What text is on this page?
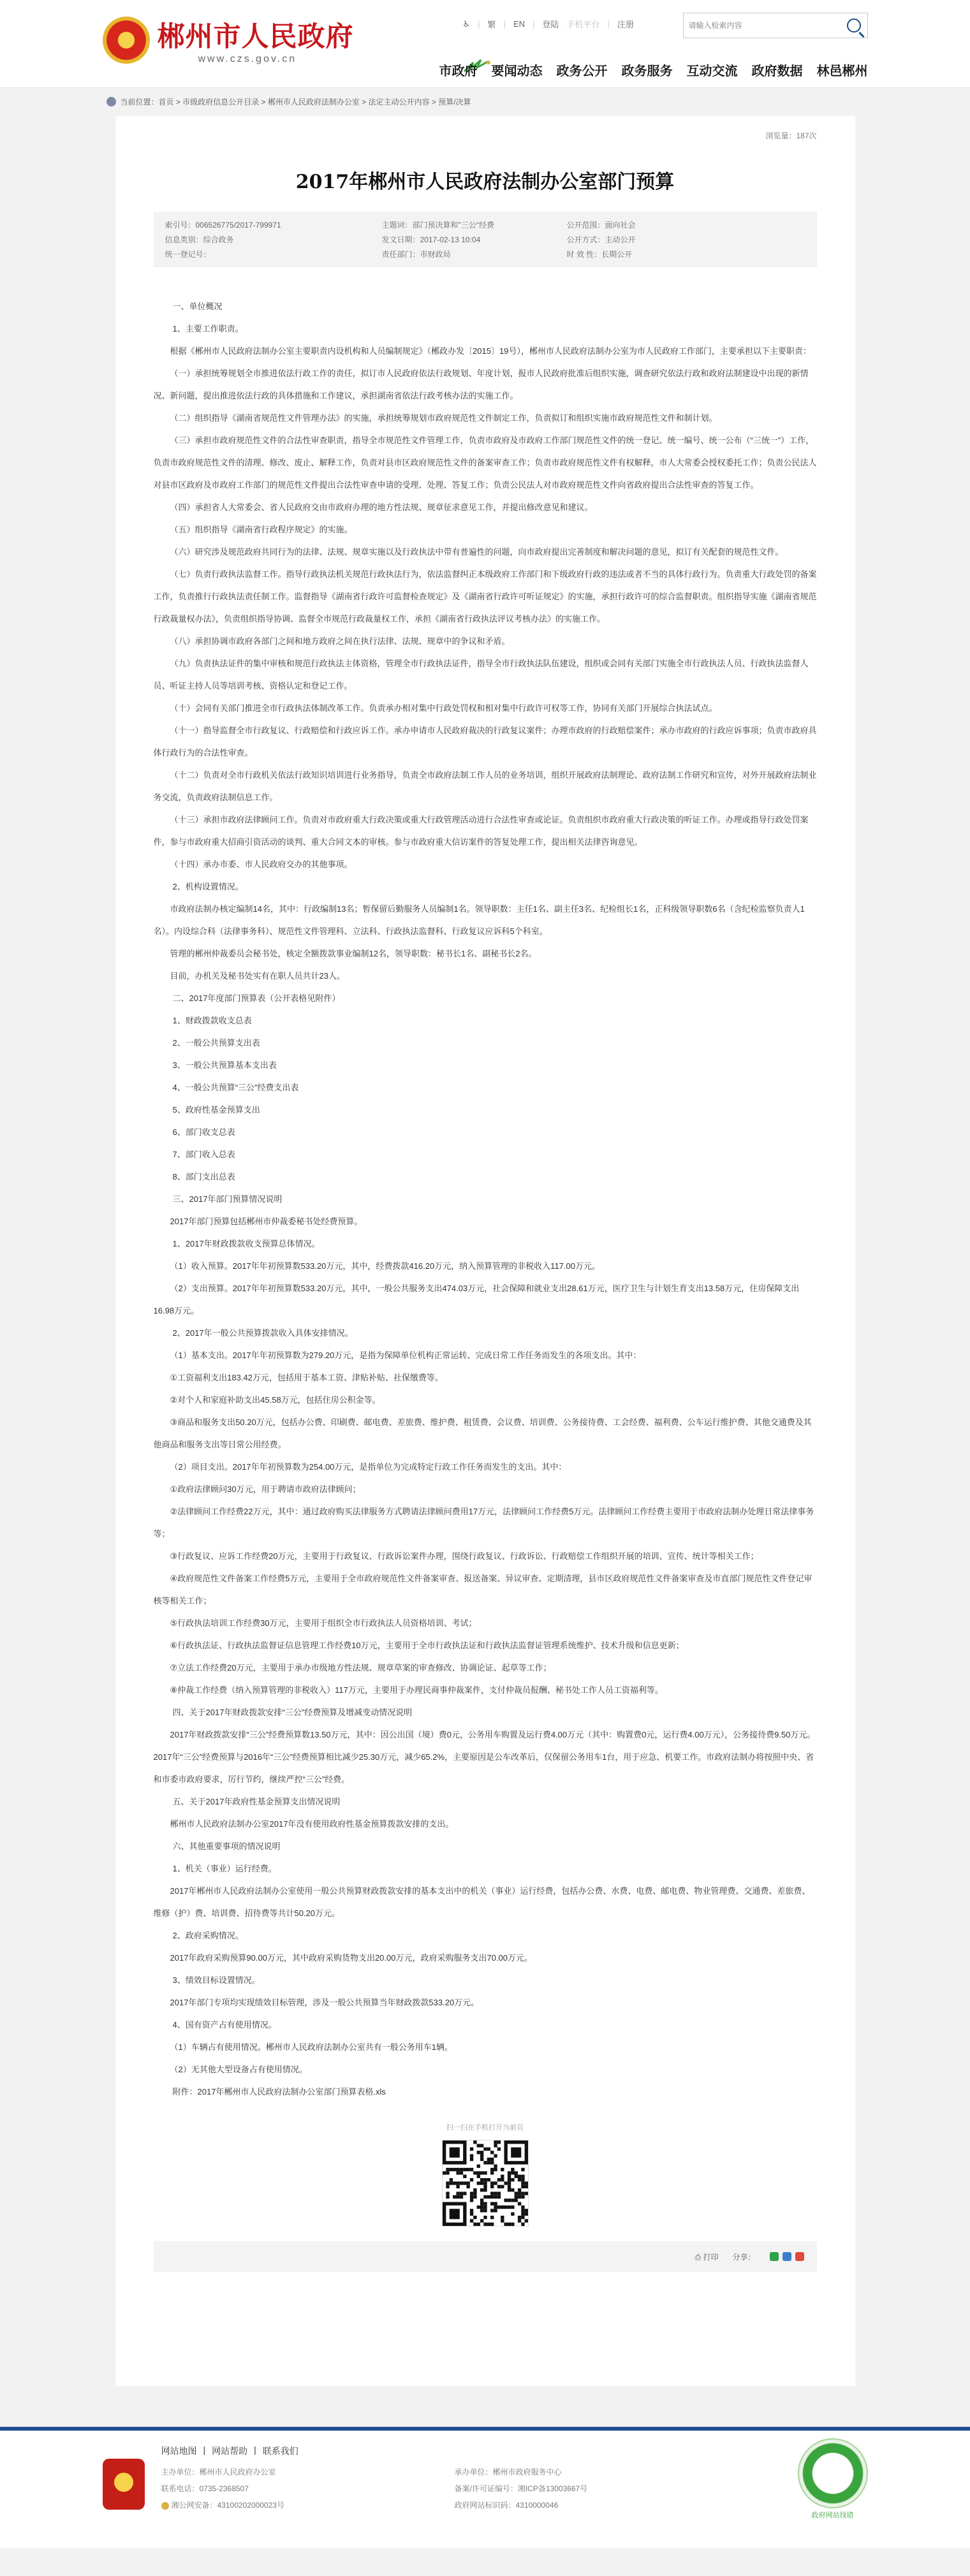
郴州市人民政府
www.czs.gov.cn
♿ | 繁 | EN | 登陆 手机平台 | 注册
请输入检索内容
市政府 要闻动态 政务公开 政务服务 互动交流 政府数据 林邑郴州
当前位置：首页 > 市级政府信息公开目录 > 郴州市人民政府法制办公室 > 法定主动公开内容 > 预算/决算
浏览量：187次
2017年郴州市人民政府法制办公室部门预算
索引号：006526775/2017-799971	主题词：部门预决算和"三公"经费	公开范围：面向社会
信息类别：综合政务	发文日期：2017-02-13 10:04	公开方式：主动公开
统一登记号：	责任部门：市财政局	时 效 性：长期公开

一、单位概况

1、主要工作职责。

根据《郴州市人民政府法制办公室主要职责内设机构和人员编制规定》（郴政办发〔2015〕19号），郴州市人民政府法制办公室为市人民政府工作部门，主要承担以下主要职责：

（一）承担统筹规划全市推进依法行政工作的责任，拟订市人民政府依法行政规划、年度计划，报市人民政府批准后组织实施，调查研究依法行政和政府法制建设中出现的新情况、新问题，提出推进依法行政的具体措施和工作建议，承担湖南省依法行政考核办法的实施工作。

（二）组织指导《湖南省规范性文件管理办法》的实施，承担统筹规划市政府规范性文件制定工作，负责拟订和组织实施市政府规范性文件和制计划。

（三）承担市政府规范性文件的合法性审查职责，指导全市规范性文件管理工作，负责市政府及市政府工作部门规范性文件的统一登记、统一编号、统一公布（“三统一”）工作，负责市政府规范性文件的清理、修改、废止、解释工作，负责对县市区政府规范性文件的备案审查工作；负责市政府规范性文件有权解释，市人大常委会授权委托工作；负责公民法人对县市区政府及市政府工作部门的规范性文件提出合法性审查申请的受理、处理、答复工作；负责公民法人对市政府规范性文件向省政府提出合法性审查的答复工作。

（四）承担省人大常委会、省人民政府交由市政府办理的地方性法规、规章征求意见工作，并提出修改意见和建议。

（五）组织指导《湖南省行政程序规定》的实施。

（六）研究涉及规范政府共同行为的法律、法规、规章实施以及行政执法中带有普遍性的问题，向市政府提出完善制度和解决问题的意见，拟订有关配套的规范性文件。

（七）负责行政执法监督工作。指导行政执法机关规范行政执法行为，依法监督纠正本级政府工作部门和下级政府行政的违法或者不当的具体行政行为。负责重大行政处罚的备案工作，负责推行行政执法责任制工作。监督指导《湖南省行政许可监督检查规定》及《湖南省行政许可听证规定》的实施，承担行政许可的综合监督职责。组织指导实施《湖南省规范行政裁量权办法》，负责组织指导协调、监督全市规范行政裁量权工作，承担《湖南省行政执法评议考核办法》的实施工作。

（八）承担协调市政府各部门之间和地方政府之间在执行法律、法规、规章中的争议和矛盾。

（九）负责执法证件的集中审核和规范行政执法主体资格，管理全市行政执法证件，指导全市行政执法队伍建设，组织或会同有关部门实施全市行政执法人员、行政执法监督人员、听证主持人员等培训考核、资格认定和登记工作。

（十）会同有关部门推进全市行政执法体制改革工作。负责承办相对集中行政处罚权和相对集中行政许可权等工作，协同有关部门开展综合执法试点。

（十一）指导监督全市行政复议、行政赔偿和行政应诉工作。承办申请市人民政府裁决的行政复议案件；办理市政府的行政赔偿案件；承办市政府的行政应诉事项；负责市政府具体行政行为的合法性审查。

（十二）负责对全市行政机关依法行政知识培训进行业务指导，负责全市政府法制工作人员的业务培训，组织开展政府法制理论、政府法制工作研究和宣传，对外开展政府法制业务交流，负责政府法制信息工作。

（十三）承担市政府法律顾问工作。负责对市政府重大行政决策或重大行政管理活动进行合法性审查或论证。负责组织市政府重大行政决策的听证工作。办理或指导行政处罚案件，参与市政府重大招商引资活动的谈判、重大合同文本的审核。参与市政府重大信访案件的答复处理工作，提出相关法律咨询意见。

（十四）承办市委、市人民政府交办的其他事项。

2、机构设置情况。

市政府法制办核定编制14名，其中：行政编制13名；暂保留后勤服务人员编制1名。领导职数：主任1名、副主任3名、纪检组长1名，正科级领导职数6名（含纪检监察负责人1名）。内设综合科（法律事务科）、规范性文件管理科、立法科、行政执法监督科、行政复议应诉科5个科室。

管理的郴州仲裁委员会秘书处，核定全额拨款事业编制12名，领导职数：秘书长1名、副秘书长2名。

目前，办机关及秘书处实有在职人员共计23人。

二、2017年度部门预算表（公开表格见附件）

1、财政拨款收支总表

2、一般公共预算支出表

3、一般公共预算基本支出表

4、一般公共预算“三公”经费支出表

5、政府性基金预算支出

6、部门收支总表

7、部门收入总表

8、部门支出总表

三、2017年部门预算情况说明

2017年部门预算包括郴州市仲裁委秘书处经费预算。

1、2017年财政拨款收支预算总体情况。

（1）收入预算。2017年年初预算数533.20万元，其中，经费拨款416.20万元，纳入预算管理的非税收入117.00万元。

（2）支出预算。2017年年初预算数533.20万元，其中，一般公共服务支出474.03万元，社会保障和就业支出28.61万元，医疗卫生与计划生育支出13.58万元，住房保障支出16.98万元。

2、2017年一般公共预算拨款收入具体安排情况。

（1）基本支出。2017年年初预算数为279.20万元，是指为保障单位机构正常运转、完成日常工作任务而发生的各项支出。其中：

①工资福利支出183.42万元，包括用于基本工资、津贴补贴、社保缴费等。

②对个人和家庭补助支出45.58万元，包括住房公积金等。

③商品和服务支出50.20万元，包括办公费、印刷费、邮电费、差旅费、维护费、租赁费、会议费、培训费、公务接待费、工会经费、福利费、公车运行维护费、其他交通费及其他商品和服务支出等日常公用经费。

（2）项目支出。2017年年初预算数为254.00万元，是指单位为完成特定行政工作任务而发生的支出。其中：

①政府法律顾问30万元，用于聘请市政府法律顾问；

②法律顾问工作经费22万元，其中：通过政府购买法律服务方式聘请法律顾问费用17万元，法律顾问工作经费5万元。法律顾问工作经费主要用于市政府法制办处理日常法律事务等；

③行政复议、应诉工作经费20万元，主要用于行政复议、行政诉讼案件办理，围绕行政复议、行政诉讼、行政赔偿工作组织开展的培训、宣传、统计等相关工作；

④政府规范性文件备案工作经费5万元，主要用于全市政府规范性文件备案审查、报送备案、异议审查、定期清理，县市区政府规范性文件备案审查及市直部门规范性文件登记审核等相关工作；

⑤行政执法培训工作经费30万元，主要用于组织全市行政执法人员资格培训、考试；

⑥行政执法证、行政执法监督证信息管理工作经费10万元，主要用于全市行政执法证和行政执法监督证管理系统维护、技术升级和信息更新；

⑦立法工作经费20万元，主要用于承办市级地方性法规、规章草案的审查修改、协调论证、起草等工作；

⑧仲裁工作经费（纳入预算管理的非税收入）117万元，主要用于办理民商事仲裁案件，支付仲裁员报酬、秘书处工作人员工资福利等。

四、关于2017年财政拨款安排“三公”经费预算及增减变动情况说明

2017年财政拨款安排“三公”经费预算数13.50万元，其中：因公出国（境）费0元，公务用车购置及运行费4.00万元（其中：购置费0元，运行费4.00万元），公务接待费9.50万元。2017年“三公”经费预算与2016年“三公”经费预算相比减少25.30万元，减少65.2%，主要原因是公车改革后，仅保留公务用车1台，用于应急、机要工作。市政府法制办将按照中央、省和市委市政府要求，厉行节约，继续严控“三公”经费。

五、关于2017年政府性基金预算支出情况说明

郴州市人民政府法制办公室2017年没有使用政府性基金预算拨款安排的支出。

六、其他重要事项的情况说明

1、机关（事业）运行经费。

2017年郴州市人民政府法制办公室使用一般公共预算财政拨款安排的基本支出中的机关（事业）运行经费，包括办公费、水费、电费、邮电费、物业管理费、交通费、差旅费、维修（护）费、培训费、招待费等共计50.20万元。

2、政府采购情况。

2017年政府采购预算90.00万元，其中政府采购货物支出20.00万元，政府采购服务支出70.00万元。

3、绩效目标设置情况。

2017年部门专项均实现绩效目标管理，涉及一般公共预算当年财政拨款533.20万元。

4、国有资产占有使用情况。

（1）车辆占有使用情况。郴州市人民政府法制办公室共有一般公务用车1辆。

（2）无其他大型设备占有使用情况。

附件：2017年郴州市人民政府法制办公室部门预算表格.xls

扫一扫在手机打开当前页
⎙ 打印 分享：
网站地图 | 网站帮助 | 联系我们
主办单位：郴州市人民政府办公室
联系电话：0735-2368507
湘公网安备：43100202000023号
承办单位：郴州市政府服务中心
备案/许可证编号：湘ICP备13003667号
政府网站标识码：4310000046
政府网站找错
